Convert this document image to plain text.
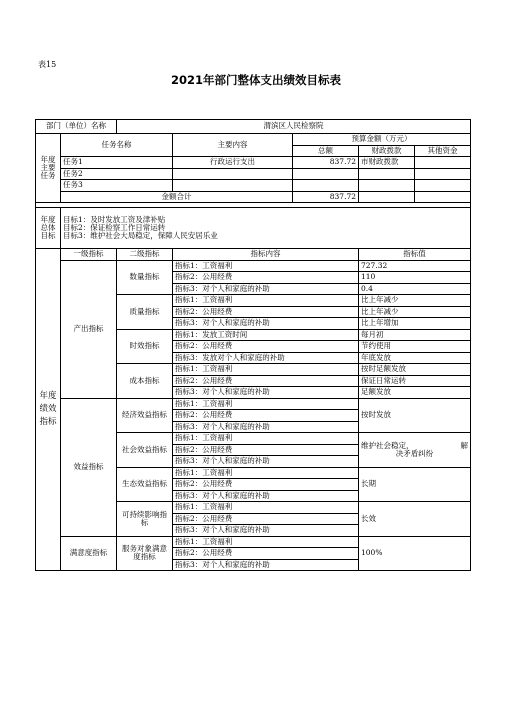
表15
2021年部门整体支出绩效目标表
部门（单位）名称		渭滨区人民检察院				
年度主要任务	任务名称		主要内容	预算金额（万元）		
				总额	财政拨款	其他资金
	任务1		行政运行支出	837.72	市财政拨款	
	任务2					
	任务3					
	金额合计			837.72		

年度总体目标	目标1：及时发放工资及津补贴
目标2：保证检察工作日常运转
目标3：维护社会大局稳定，保障人民安居乐业					

年度绩效指标	一级指标	二级指标	指标内容		指标值	
	产出指标	数量指标	指标1：工资福利		727.32	
			指标2：公用经费		110	
			指标3：对个人和家庭的补助		0.4	
		质量指标	指标1：工资福利		比上年减少	
			指标2：公用经费		比上年减少	
			指标3：对个人和家庭的补助		比上年增加	
		时效指标	指标1：发放工资时间		每月初	
			指标2：公用经费		节约使用	
			指标3：发放对个人和家庭的补助		年底发放	
		成本指标	指标1：工资福利		按时足额发放	
			指标2：公用经费		保证日常运转	
			指标3：对个人和家庭的补助		足额发放	
	效益指标	经济效益指标	指标1：工资福利		按时发放	
			指标2：公用经费			
			指标3：对个人和家庭的补助			
		社会效益指标	指标1：工资福利		维护社会稳定， 解
决矛盾纠纷	

			指标2：公用经费			
			指标3：对个人和家庭的补助			
		生态效益指标	指标1：工资福利		长期	
			指标2：公用经费			
			指标3：对个人和家庭的补助			
		可持续影响指标	指标1：工资福利		长效	
			指标2：公用经费			
			指标3：对个人和家庭的补助			
	满意度指标	服务对象满意度指标	指标1：工资福利		100%	
			指标2：公用经费			
			指标3：对个人和家庭的补助			
